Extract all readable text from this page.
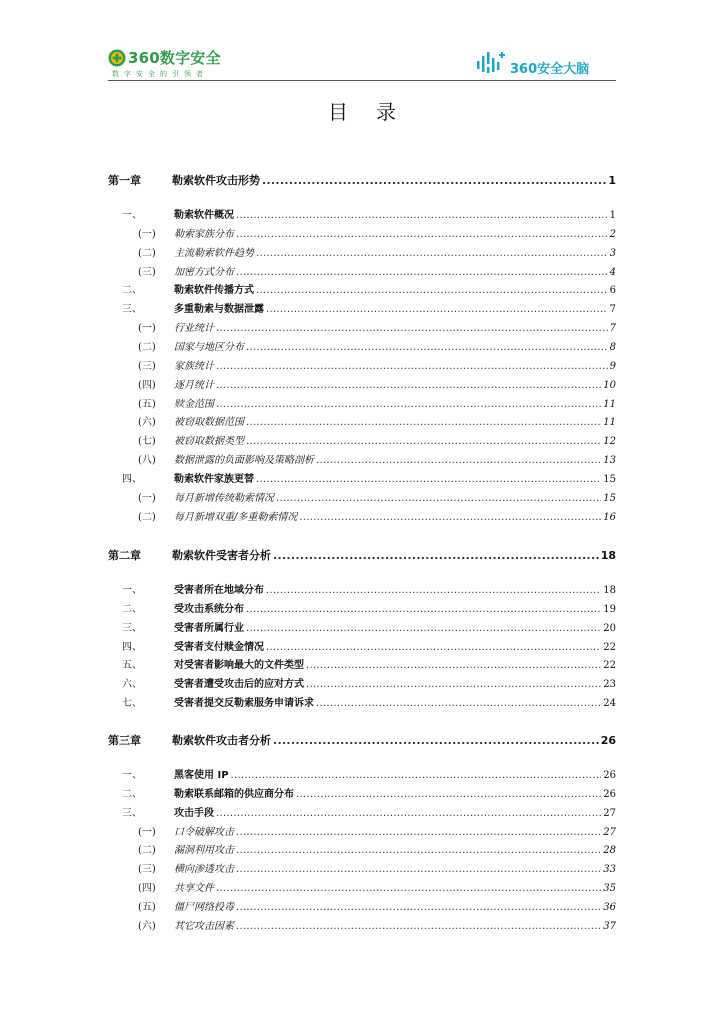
360数字安全
数字安全的引领者	360安全大脑
目录
第一章	勒索软件攻击形势 .....	1
一、	勒索软件概况 .....	1
(一)	勒索家族分布 .....	2
(二)	主流勒索软件趋势 .....	3
(三)	加密方式分布 .....	4
二、	勒索软件传播方式 .....	6
三、	多重勒索与数据泄露 .....	7
(一)	行业统计 .....	7
(二)	国家与地区分布 .....	8
(三)	家族统计 .....	9
(四)	逐月统计 .....	10
(五)	赎金范围 .....	11
(六)	被窃取数据范围 .....	11
(七)	被窃取数据类型 .....	12
(八)	数据泄露的负面影响及策略剖析 .....	13
四、	勒索软件家族更替 .....	15
(一)	每月新增传统勒索情况 .....	15
(二)	每月新增双重/多重勒索情况 .....	16
第二章	勒索软件受害者分析 .....	18
一、	受害者所在地域分布 .....	18
二、	受攻击系统分布 .....	19
三、	受害者所属行业 .....	20
四、	受害者支付赎金情况 .....	22
五、	对受害者影响最大的文件类型 .....	22
六、	受害者遭受攻击后的应对方式 .....	23
七、	受害者提交反勒索服务申请诉求 .....	24
第三章	勒索软件攻击者分析 .....	26
一、	黑客使用 IP .....	26
二、	勒索联系邮箱的供应商分布 .....	26
三、	攻击手段 .....	27
(一)	口令破解攻击 .....	27
(二)	漏洞利用攻击 .....	28
(三)	横向渗透攻击 .....	33
(四)	共享文件 .....	35
(五)	僵尸网络投毒 .....	36
(六)	其它攻击因素 .....	37
